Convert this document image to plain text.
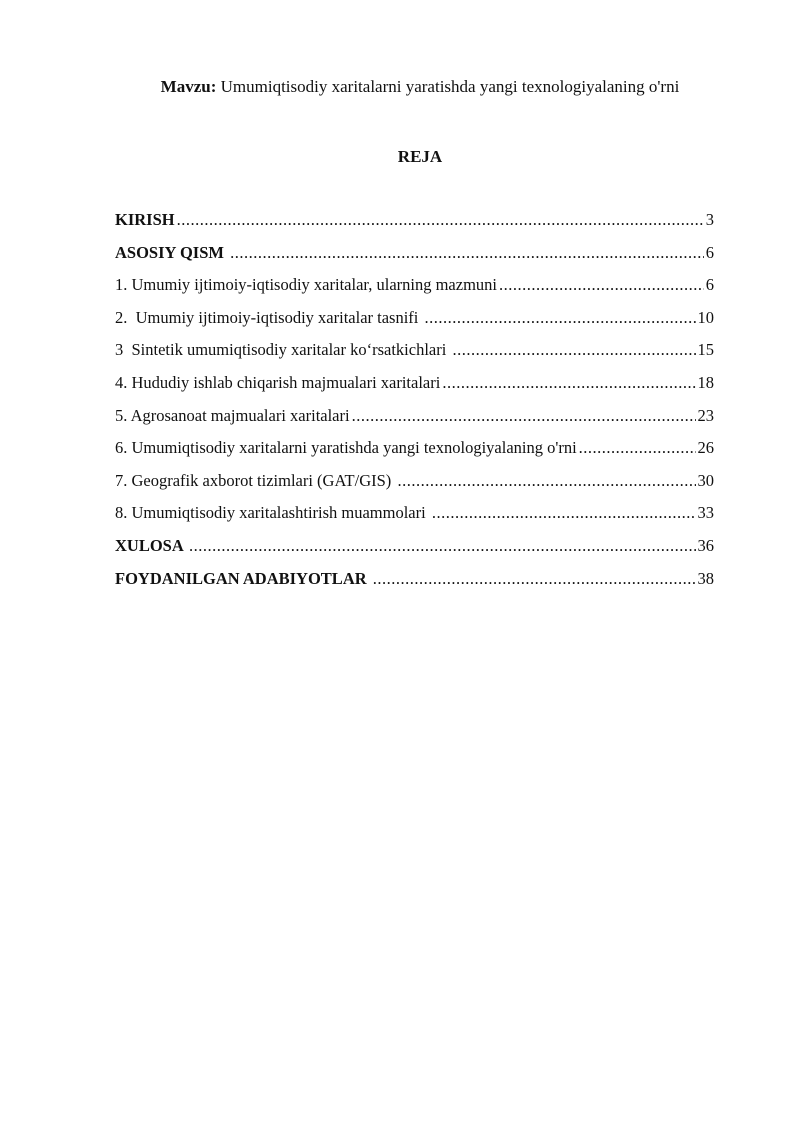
Mavzu: Umumiqtisodiy xaritalarni yaratishda yangi texnologiyalaning o'rni
REJA
KIRISH .....	3
ASOSIY QISM .....	6
1. Umumiy ijtimoiy-iqtisodiy xaritalar, ularning mazmuni .....	6
2.  Umumiy ijtimoiy-iqtisodiy xaritalar tasnifi .....	10
3  Sintetik umumiqtisodiy xaritalar koʻrsatkichlari .....	15
4. Hududiy ishlab chiqarish majmualari xaritalari .....	18
5. Agrosanoat majmualari xaritalari .....	23
6. Umumiqtisodiy xaritalarni yaratishda yangi texnologiyalaning o'rni .....	26
7. Geografik axborot tizimlari (GAT/GIS) .....	30
8. Umumiqtisodiy xaritalashtirish muammolari .....	33
XULOSA .....	36
FOYDANILGAN ADABIYOTLAR .....	38
